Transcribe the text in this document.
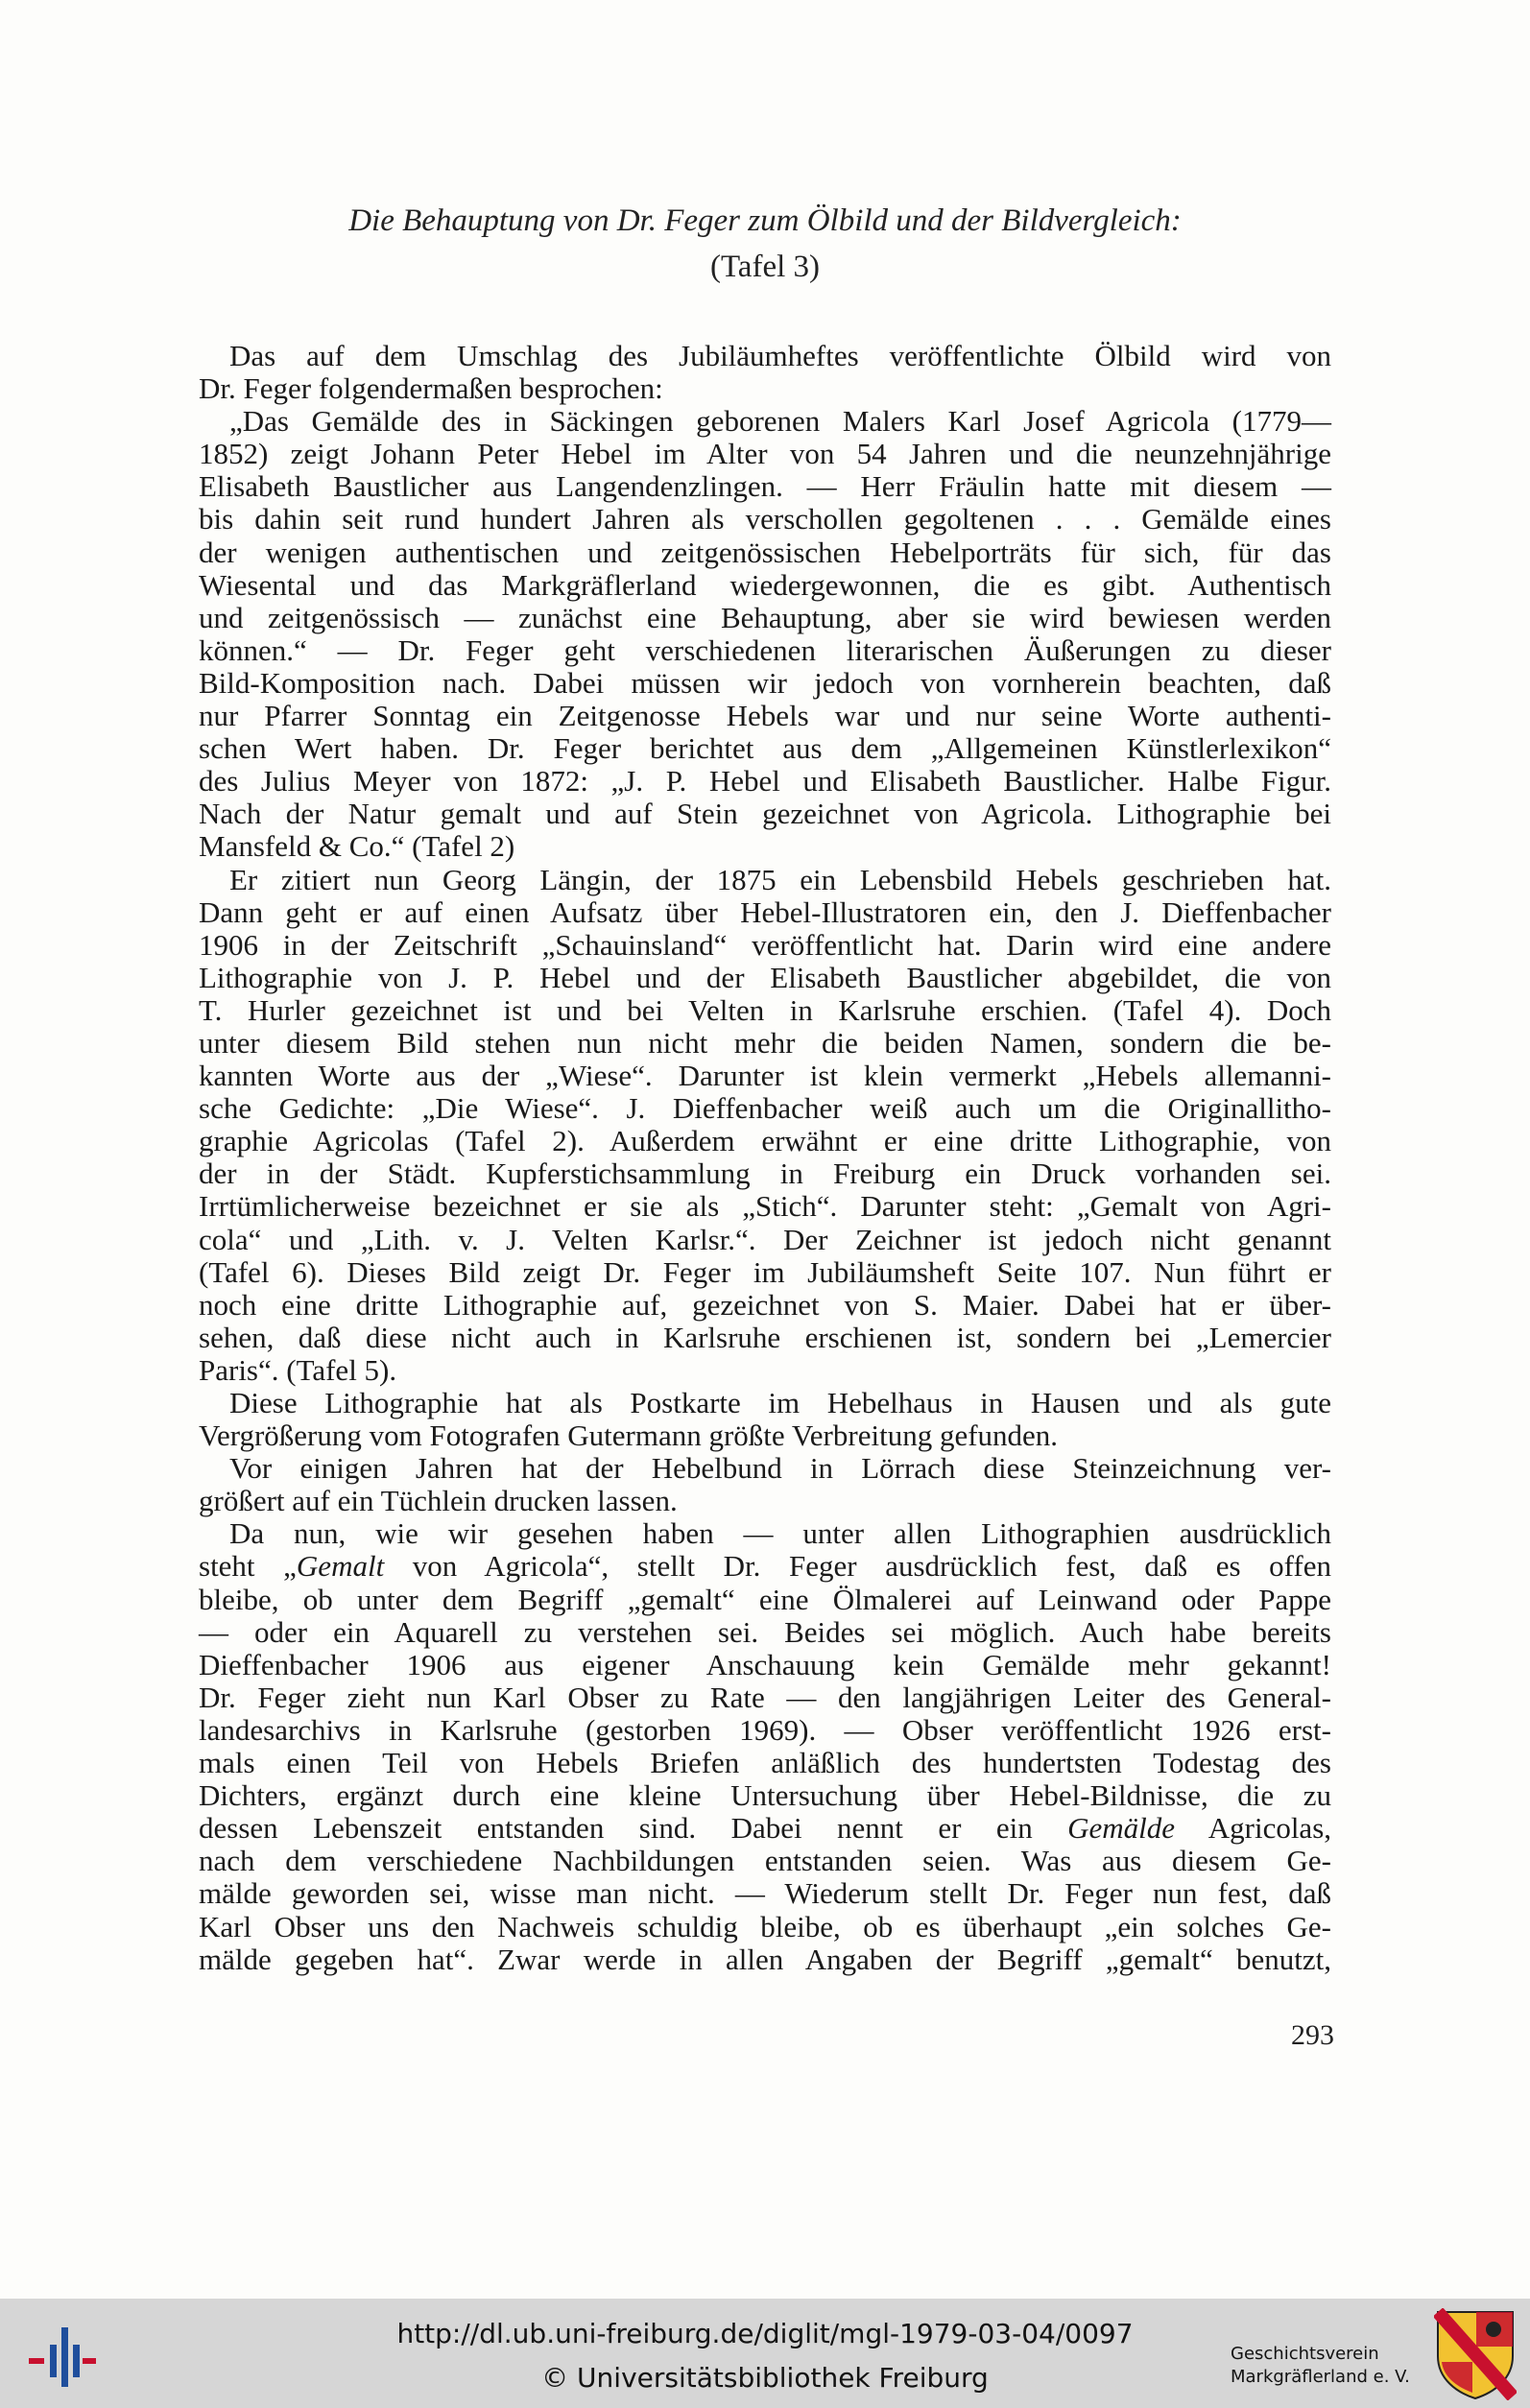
Die Behauptung von Dr. Feger zum Ölbild und der Bildvergleich:
(Tafel 3)
Das auf dem Umschlag des Jubiläumheftes veröffentlichte Ölbild wird von
Dr. Feger folgendermaßen besprochen:
„Das Gemälde des in Säckingen geborenen Malers Karl Josef Agricola (1779—
1852) zeigt Johann Peter Hebel im Alter von 54 Jahren und die neunzehnjährige
Elisabeth Baustlicher aus Langendenzlingen. — Herr Fräulin hatte mit diesem —
bis dahin seit rund hundert Jahren als verschollen gegoltenen . . . Gemälde eines
der wenigen authentischen und zeitgenössischen Hebelporträts für sich, für das
Wiesental und das Markgräflerland wiedergewonnen, die es gibt. Authentisch
und zeitgenössisch — zunächst eine Behauptung, aber sie wird bewiesen werden
können.“ — Dr. Feger geht verschiedenen literarischen Äußerungen zu dieser
Bild-Komposition nach. Dabei müssen wir jedoch von vornherein beachten, daß
nur Pfarrer Sonntag ein Zeitgenosse Hebels war und nur seine Worte authenti-
schen Wert haben. Dr. Feger berichtet aus dem „Allgemeinen Künstlerlexikon“
des Julius Meyer von 1872: „J. P. Hebel und Elisabeth Baustlicher. Halbe Figur.
Nach der Natur gemalt und auf Stein gezeichnet von Agricola. Lithographie bei
Mansfeld & Co.“ (Tafel 2)
Er zitiert nun Georg Längin, der 1875 ein Lebensbild Hebels geschrieben hat.
Dann geht er auf einen Aufsatz über Hebel-Illustratoren ein, den J. Dieffenbacher
1906 in der Zeitschrift „Schauinsland“ veröffentlicht hat. Darin wird eine andere
Lithographie von J. P. Hebel und der Elisabeth Baustlicher abgebildet, die von
T. Hurler gezeichnet ist und bei Velten in Karlsruhe erschien. (Tafel 4). Doch
unter diesem Bild stehen nun nicht mehr die beiden Namen, sondern die be-
kannten Worte aus der „Wiese“. Darunter ist klein vermerkt „Hebels allemanni-
sche Gedichte: „Die Wiese“. J. Dieffenbacher weiß auch um die Originallitho-
graphie Agricolas (Tafel 2). Außerdem erwähnt er eine dritte Lithographie, von
der in der Städt. Kupferstichsammlung in Freiburg ein Druck vorhanden sei.
Irrtümlicherweise bezeichnet er sie als „Stich“. Darunter steht: „Gemalt von Agri-
cola“ und „Lith. v. J. Velten Karlsr.“. Der Zeichner ist jedoch nicht genannt
(Tafel 6). Dieses Bild zeigt Dr. Feger im Jubiläumsheft Seite 107. Nun führt er
noch eine dritte Lithographie auf, gezeichnet von S. Maier. Dabei hat er über-
sehen, daß diese nicht auch in Karlsruhe erschienen ist, sondern bei „Lemercier
Paris“. (Tafel 5).
Diese Lithographie hat als Postkarte im Hebelhaus in Hausen und als gute
Vergrößerung vom Fotografen Gutermann größte Verbreitung gefunden.
Vor einigen Jahren hat der Hebelbund in Lörrach diese Steinzeichnung ver-
größert auf ein Tüchlein drucken lassen.
Da nun, wie wir gesehen haben — unter allen Lithographien ausdrücklich
steht „Gemalt von Agricola“, stellt Dr. Feger ausdrücklich fest, daß es offen
bleibe, ob unter dem Begriff „gemalt“ eine Ölmalerei auf Leinwand oder Pappe
— oder ein Aquarell zu verstehen sei. Beides sei möglich. Auch habe bereits
Dieffenbacher 1906 aus eigener Anschauung kein Gemälde mehr gekannt!
Dr. Feger zieht nun Karl Obser zu Rate — den langjährigen Leiter des General-
landesarchivs in Karlsruhe (gestorben 1969). — Obser veröffentlicht 1926 erst-
mals einen Teil von Hebels Briefen anläßlich des hundertsten Todestag des
Dichters, ergänzt durch eine kleine Untersuchung über Hebel-Bildnisse, die zu
dessen Lebenszeit entstanden sind. Dabei nennt er ein Gemälde Agricolas,
nach dem verschiedene Nachbildungen entstanden seien. Was aus diesem Ge-
mälde geworden sei, wisse man nicht. — Wiederum stellt Dr. Feger nun fest, daß
Karl Obser uns den Nachweis schuldig bleibe, ob es überhaupt „ein solches Ge-
mälde gegeben hat“. Zwar werde in allen Angaben der Begriff „gemalt“ benutzt,
293
http://dl.ub.uni-freiburg.de/diglit/mgl-1979-03-04/0097
© Universitätsbibliothek Freiburg
Geschichtsverein
Markgräflerland e. V.
